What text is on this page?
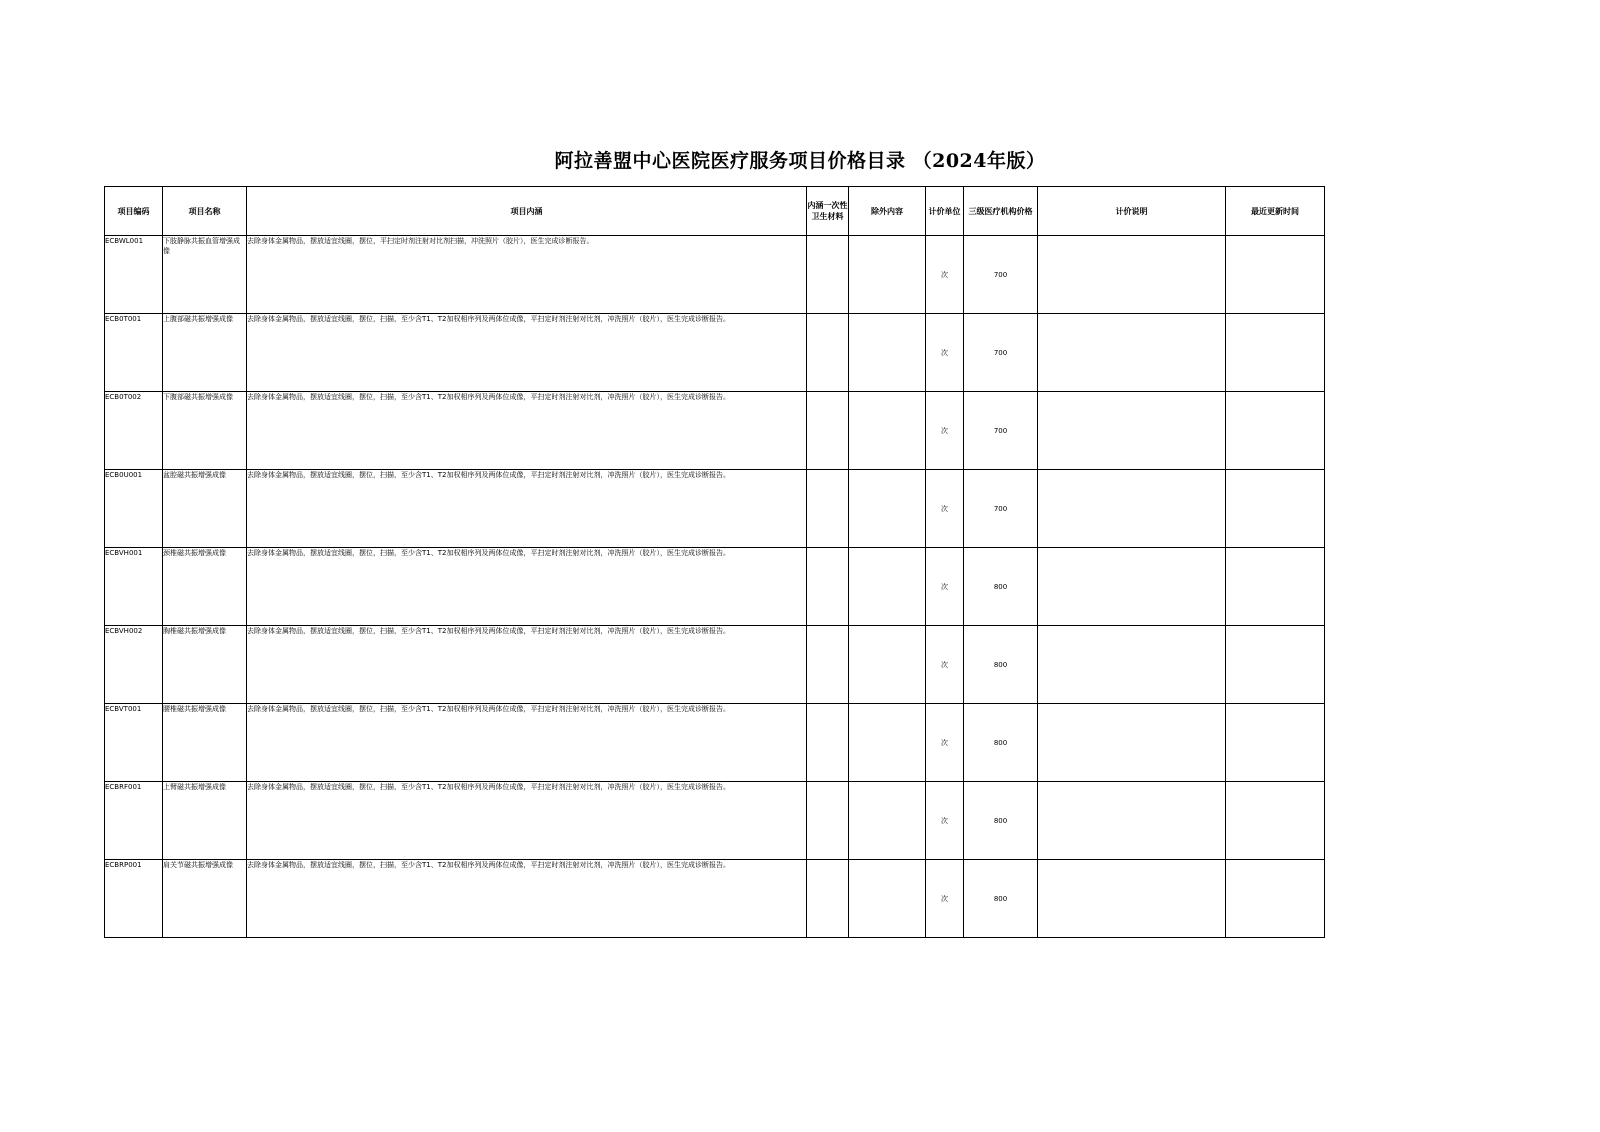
阿拉善盟中心医院医疗服务项目价格目录 （2024年版）
项目编码	项目名称	项目内涵	内涵一次性卫生材料	除外内容	计价单位	三级医疗机构价格	计价说明	最近更新时间
ECBWL001	下肢静脉共振血管增强成像	去除身体金属物品，摆放适宜线圈，摆位，平扫定时剂注射对比剂扫描，冲洗照片（胶片），医生完成诊断报告。			次	700		
ECB0T001	上腹部磁共振增强成像	去除身体金属物品，摆放适宜线圈，摆位，扫描，至少含T1、T2加权相序列及两体位成像，平扫定时剂注射对比剂，冲洗照片（胶片），医生完成诊断报告。			次	700		
ECB0T002	下腹部磁共振增强成像	去除身体金属物品，摆放适宜线圈，摆位，扫描，至少含T1、T2加权相序列及两体位成像，平扫定时剂注射对比剂，冲洗照片（胶片），医生完成诊断报告。			次	700		
ECB0U001	盆腔磁共振增强成像	去除身体金属物品，摆放适宜线圈，摆位，扫描，至少含T1、T2加权相序列及两体位成像，平扫定时剂注射对比剂，冲洗照片（胶片），医生完成诊断报告。			次	700		
ECBVH001	颈椎磁共振增强成像	去除身体金属物品，摆放适宜线圈，摆位，扫描，至少含T1、T2加权相序列及两体位成像，平扫定时剂注射对比剂，冲洗照片（胶片），医生完成诊断报告。			次	800		
ECBVH002	胸椎磁共振增强成像	去除身体金属物品，摆放适宜线圈，摆位，扫描，至少含T1、T2加权相序列及两体位成像，平扫定时剂注射对比剂，冲洗照片（胶片），医生完成诊断报告。			次	800		
ECBVT001	腰椎磁共振增强成像	去除身体金属物品，摆放适宜线圈，摆位，扫描，至少含T1、T2加权相序列及两体位成像，平扫定时剂注射对比剂，冲洗照片（胶片），医生完成诊断报告。			次	800		
ECBRF001	上臂磁共振增强成像	去除身体金属物品，摆放适宜线圈，摆位，扫描，至少含T1、T2加权相序列及两体位成像，平扫定时剂注射对比剂，冲洗照片（胶片），医生完成诊断报告。			次	800		
ECBRP001	肩关节磁共振增强成像	去除身体金属物品，摆放适宜线圈，摆位，扫描，至少含T1、T2加权相序列及两体位成像，平扫定时剂注射对比剂，冲洗照片（胶片），医生完成诊断报告。			次	800		
